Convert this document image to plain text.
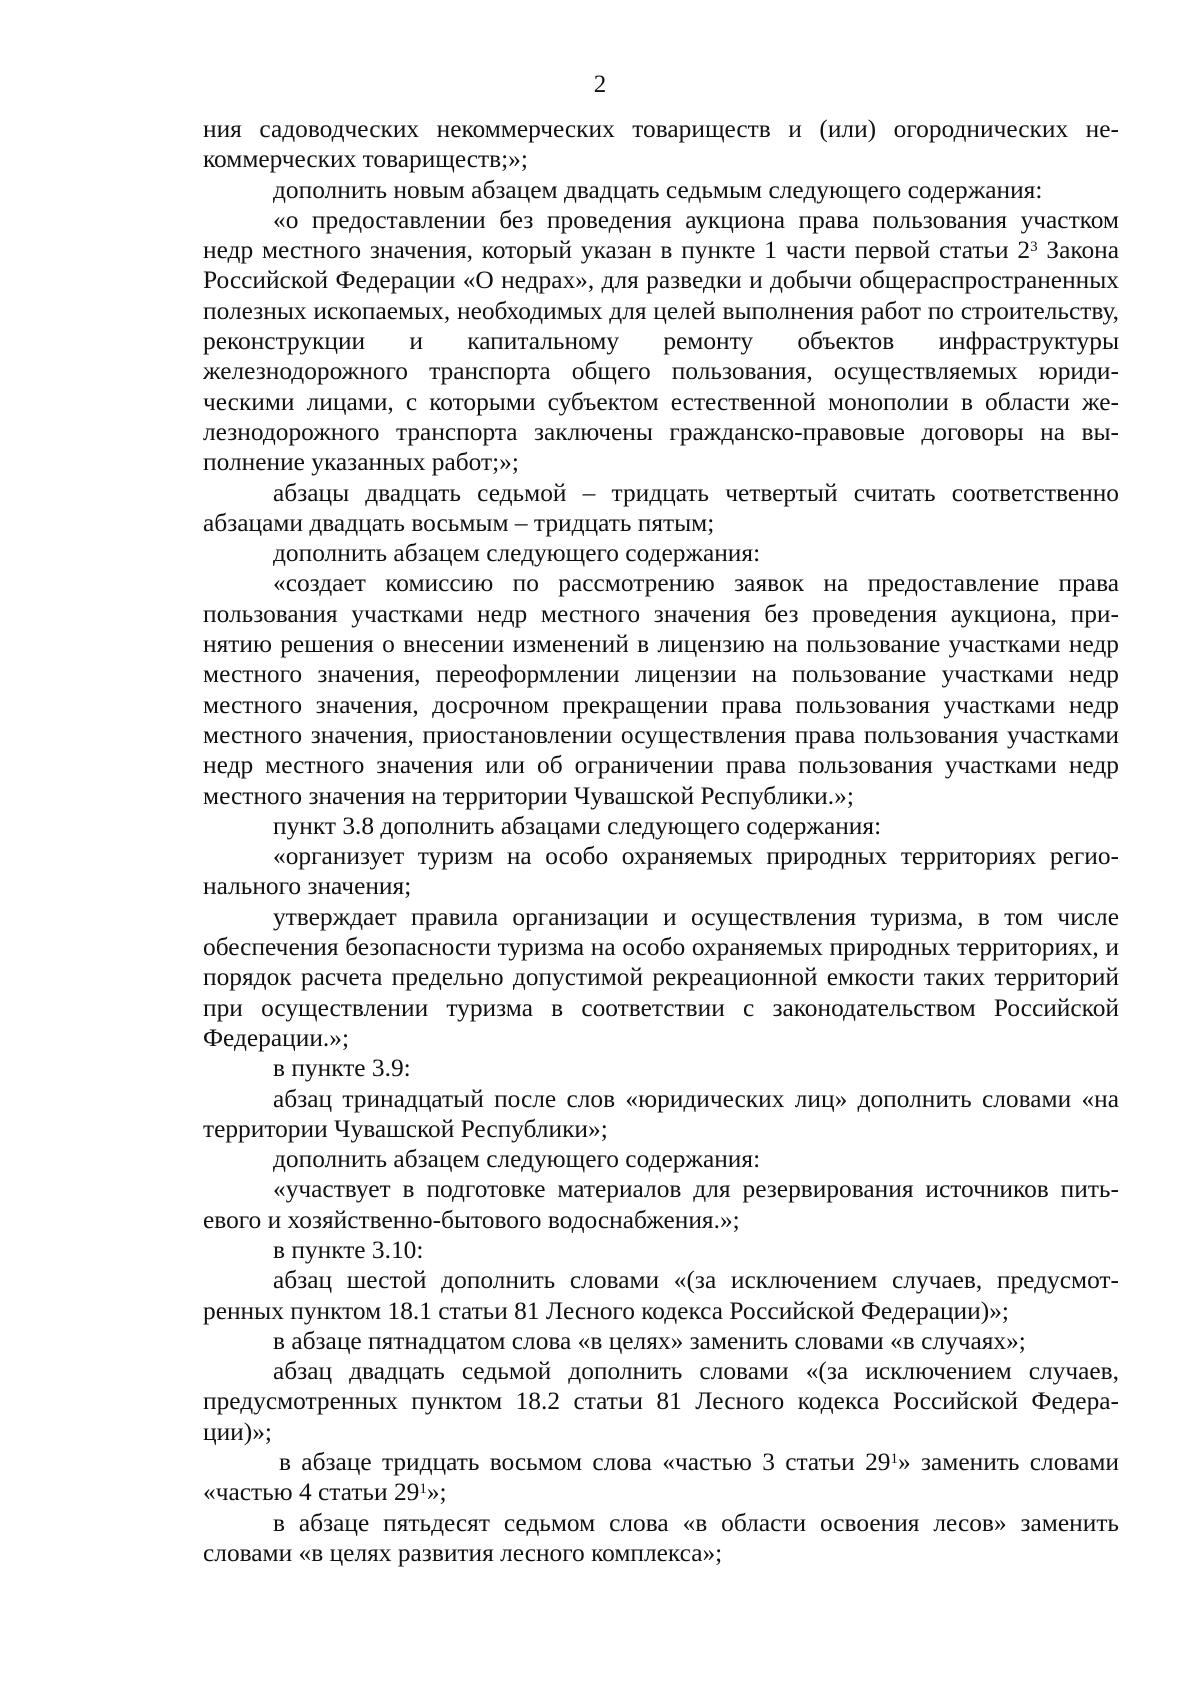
2

ния садоводческих некоммерческих товариществ и (или) огороднических некоммерческих товариществ;»;

дополнить новым абзацем двадцать седьмым следующего содержания:

«о предоставлении без проведения аукциона права пользования участком недр местного значения, который указан в пункте 1 части первой статьи $2^3$ Закона Российской Федерации «О недрах», для разведки и добычи общераспространенных полезных ископаемых, необходимых для целей выполнения работ по строительству, реконструкции и капитальному ремонту объектов инфраструктуры железнодорожного транспорта общего пользования, осуществляемых юридическими лицами, с которыми субъектом естественной монополии в области железнодорожного транспорта заключены гражданско-правовые договоры на выполнение указанных работ;»;

абзацы двадцать седьмой – тридцать четвертый считать соответственно абзацами двадцать восьмым – тридцать пятым;

дополнить абзацем следующего содержания:

«создает комиссию по рассмотрению заявок на предоставление права пользования участками недр местного значения без проведения аукциона, принятию решения о внесении изменений в лицензию на пользование участками недр местного значения, переоформлении лицензии на пользование участками недр местного значения, досрочном прекращении права пользования участками недр местного значения, приостановлении осуществления права пользования участками недр местного значения или об ограничении права пользования участками недр местного значения на территории Чувашской Республики.»;

пункт 3.8 дополнить абзацами следующего содержания:

«организует туризм на особо охраняемых природных территориях регионального значения;

утверждает правила организации и осуществления туризма, в том числе обеспечения безопасности туризма на особо охраняемых природных территориях, и порядок расчета предельно допустимой рекреационной емкости таких территорий при осуществлении туризма в соответствии с законодательством Российской Федерации.»;

в пункте 3.9:

абзац тринадцатый после слов «юридических лиц» дополнить словами «на территории Чувашской Республики»;

дополнить абзацем следующего содержания:

«участвует в подготовке материалов для резервирования источников питьевого и хозяйственно-бытового водоснабжения.»;

в пункте 3.10:

абзац шестой дополнить словами «(за исключением случаев, предусмотренных пунктом 18.1 статьи 81 Лесного кодекса Российской Федерации)»;

в абзаце пятнадцатом слова «в целях» заменить словами «в случаях»;

абзац двадцать седьмой дополнить словами «(за исключением случаев, предусмотренных пунктом 18.2 статьи 81 Лесного кодекса Российской Федерации)»;

в абзаце тридцать восьмом слова «частью 3 статьи $29^1$» заменить словами «частью 4 статьи $29^1$»;

в абзаце пятьдесят седьмом слова «в области освоения лесов» заменить словами «в целях развития лесного комплекса»;
